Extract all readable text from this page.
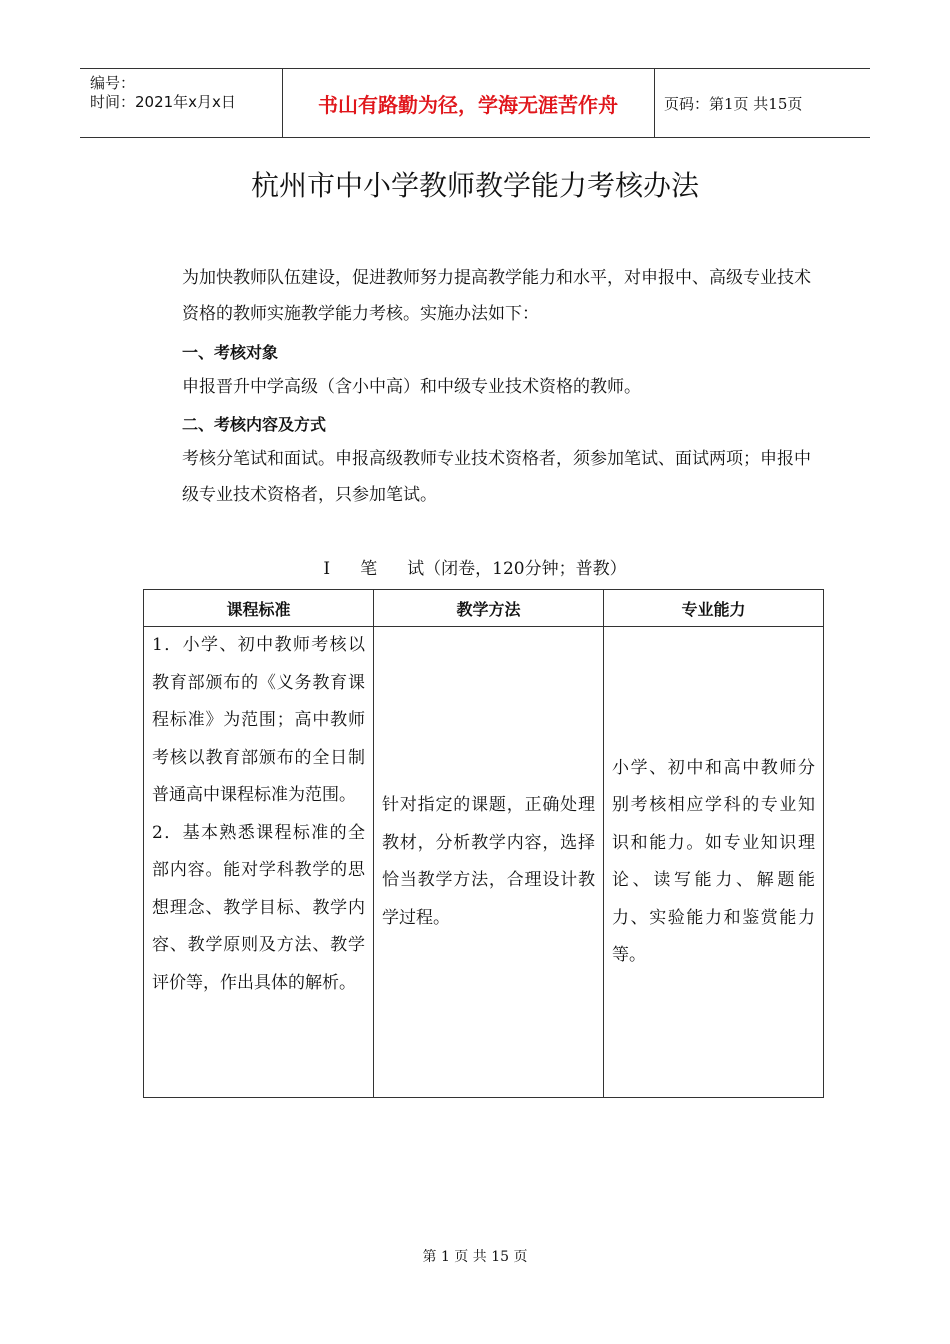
编号：
时间：2021年x月x日	书山有路勤为径，学海无涯苦作舟	页码：第1页 共15页
杭州市中小学教师教学能力考核办法
为加快教师队伍建设，促进教师努力提高教学能力和水平，对申报中、高级专业技术资格的教师实施教学能力考核。实施办法如下：
一、考核对象
申报晋升中学高级（含小中高）和中级专业技术资格的教师。
二、考核内容及方式
考核分笔试和面试。申报高级教师专业技术资格者，须参加笔试、面试两项；申报中级专业技术资格者，只参加笔试。
Ⅰ 笔 试（闭卷，120分钟；普教）
课程标准	教学方法	专业能力

1．小学、初中教师考核以教育部颁布的《义务教育课程标准》为范围；高中教师考核以教育部颁布的全日制普通高中课程标准为范围。
2．基本熟悉课程标准的全部内容。能对学科教学的思想理念、教学目标、教学内容、教学原则及方法、教学评价等，作出具体的解析。	针对指定的课题，正确处理教材，分析教学内容，选择恰当教学方法，合理设计教学过程。	小学、初中和高中教师分别考核相应学科的专业知识和能力。如专业知识理论、读写能力、解题能力、实验能力和鉴赏能力等。
第 1 页 共 15 页
